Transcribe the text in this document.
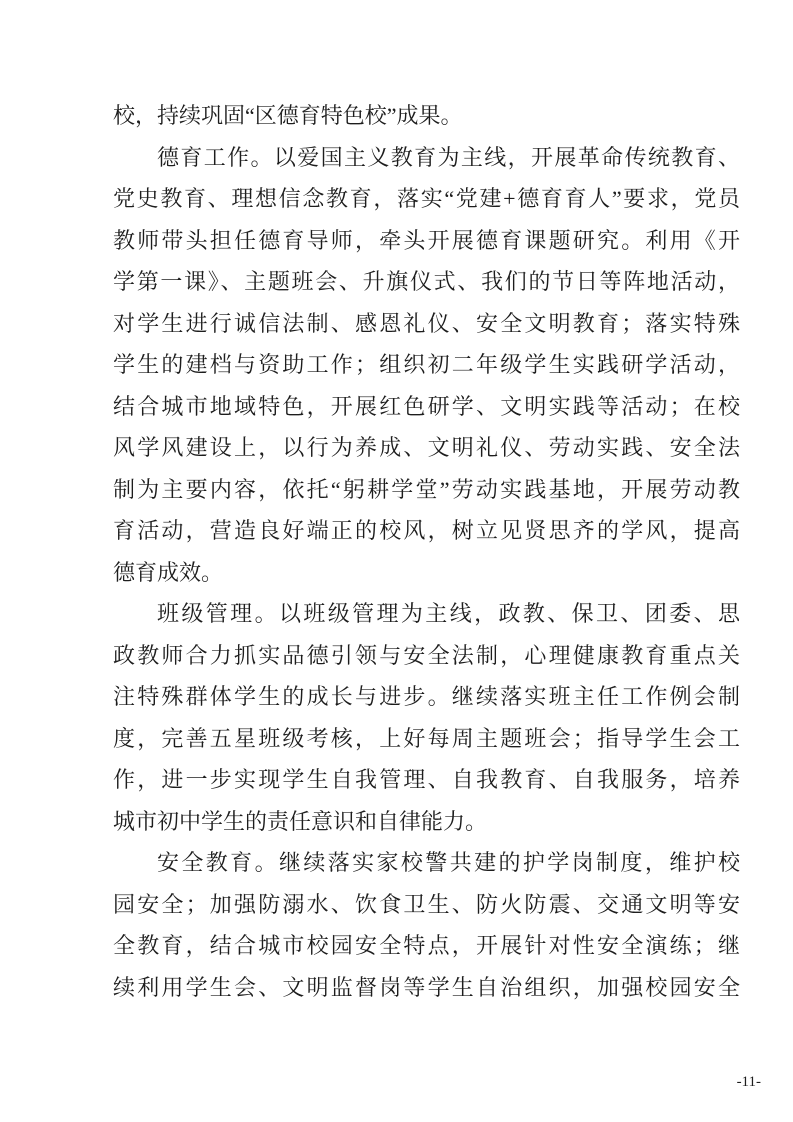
校，持续巩固“区德育特色校”成果。
德育工作。以爱国主义教育为主线，开展革命传统教育、
党史教育、理想信念教育，落实“党建+德育育人”要求，党员
教师带头担任德育导师，牵头开展德育课题研究。利用《开
学第一课》、主题班会、升旗仪式、我们的节日等阵地活动，
对学生进行诚信法制、感恩礼仪、安全文明教育；落实特殊
学生的建档与资助工作；组织初二年级学生实践研学活动，
结合城市地域特色，开展红色研学、文明实践等活动；在校
风学风建设上，以行为养成、文明礼仪、劳动实践、安全法
制为主要内容，依托“躬耕学堂”劳动实践基地，开展劳动教
育活动，营造良好端正的校风，树立见贤思齐的学风，提高
德育成效。
班级管理。以班级管理为主线，政教、保卫、团委、思
政教师合力抓实品德引领与安全法制，心理健康教育重点关
注特殊群体学生的成长与进步。继续落实班主任工作例会制
度，完善五星班级考核，上好每周主题班会；指导学生会工
作，进一步实现学生自我管理、自我教育、自我服务，培养
城市初中学生的责任意识和自律能力。
安全教育。继续落实家校警共建的护学岗制度，维护校
园安全；加强防溺水、饮食卫生、防火防震、交通文明等安
全教育，结合城市校园安全特点，开展针对性安全演练；继
续利用学生会、文明监督岗等学生自治组织，加强校园安全
-11-
